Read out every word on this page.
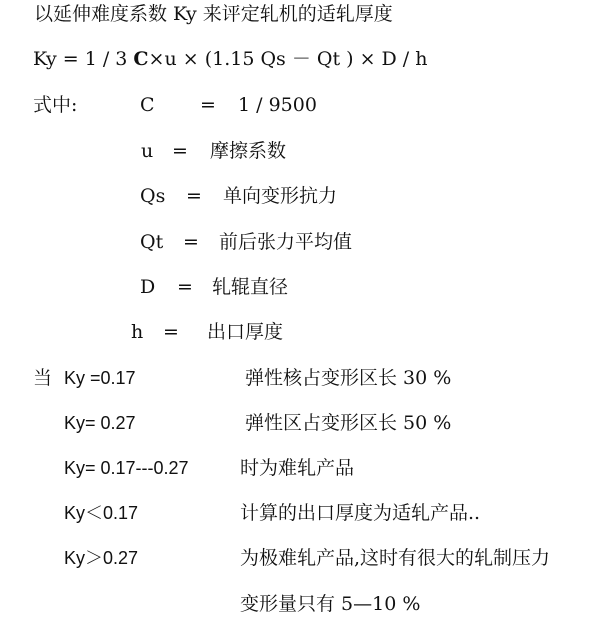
以延伸难度系数 Ky 来评定轧机的适轧厚度
Ky = 1 / 3 C×u × (1.15 Qs － Qt ) × D / h
式中:	C = 1 / 9500
u = 摩擦系数
Qs = 单向变形抗力
Qt = 前后张力平均值
D = 轧辊直径
h = 出口厚度
当 Ky =0.17	弹性核占变形区长 30 %
Ky= 0.27	弹性区占变形区长 50 %
Ky= 0.17---0.27	时为难轧产品
Ky＜0.17	计算的出口厚度为适轧产品..
Ky＞0.27	为极难轧产品,这时有很大的轧制压力
变形量只有 5—10 %
